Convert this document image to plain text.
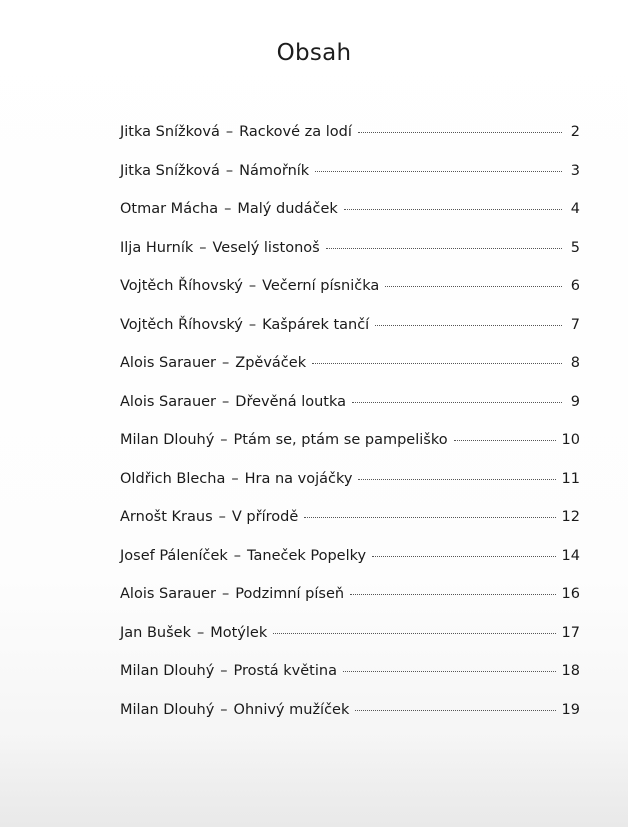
Obsah
Jitka Snížková – Rackové za lodí	2
Jitka Snížková – Námořník	3
Otmar Mácha – Malý dudáček	4
Ilja Hurník – Veselý listonoš	5
Vojtěch Říhovský – Večerní písnička	6
Vojtěch Říhovský – Kašpárek tančí	7
Alois Sarauer – Zpěváček	8
Alois Sarauer – Dřevěná loutka	9
Milan Dlouhý – Ptám se, ptám se pampeliško	10
Oldřich Blecha – Hra na vojáčky	11
Arnošt Kraus – V přírodě	12
Josef Páleníček – Taneček Popelky	14
Alois Sarauer – Podzimní píseň	16
Jan Bušek – Motýlek	17
Milan Dlouhý – Prostá květina	18
Milan Dlouhý – Ohnivý mužíček	19
